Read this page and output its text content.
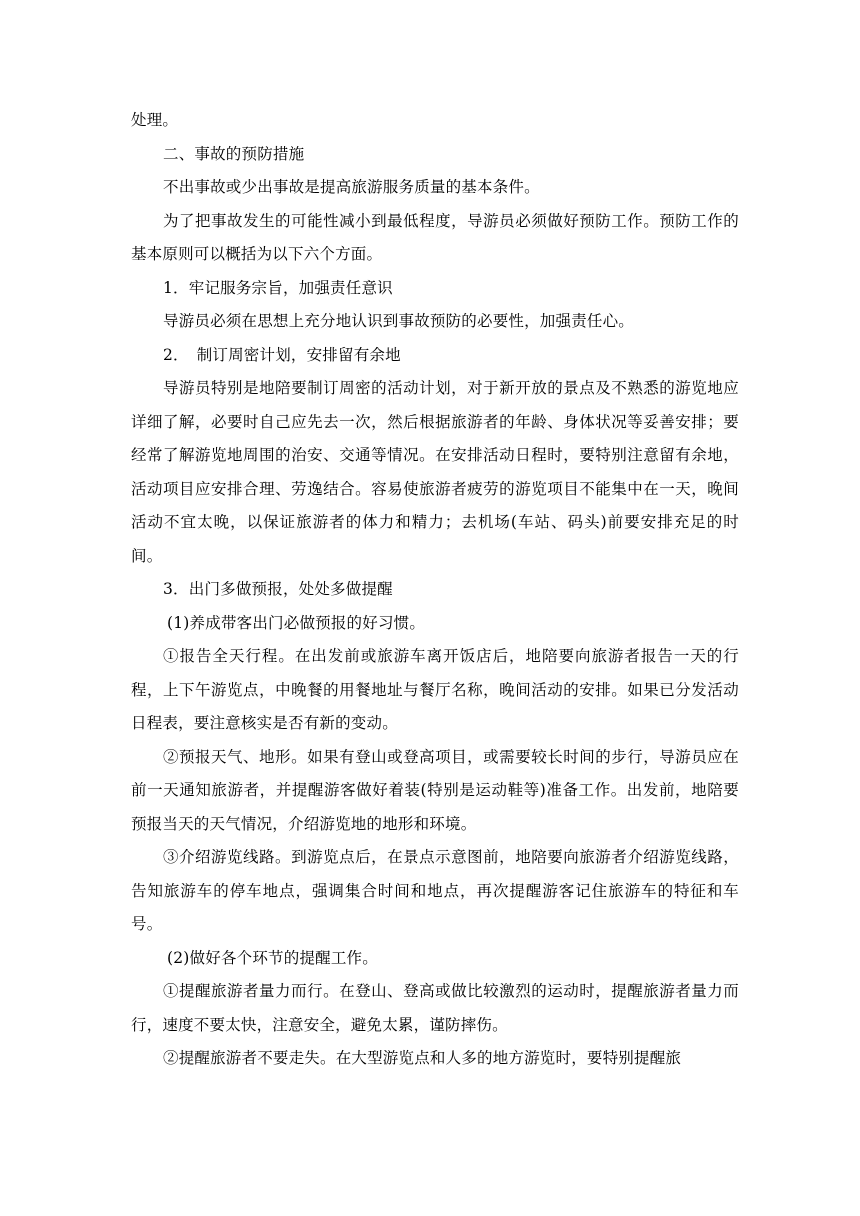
处理。

二、事故的预防措施

不出事故或少出事故是提高旅游服务质量的基本条件。

为了把事故发生的可能性减小到最低程度，导游员必须做好预防工作。预防工作的基本原则可以概括为以下六个方面。

1．牢记服务宗旨，加强责任意识

导游员必须在思想上充分地认识到事故预防的必要性，加强责任心。

2．　制订周密计划，安排留有余地

导游员特别是地陪要制订周密的活动计划，对于新开放的景点及不熟悉的游览地应详细了解，必要时自己应先去一次，然后根据旅游者的年龄、身体状况等妥善安排；要经常了解游览地周围的治安、交通等情况。在安排活动日程时，要特别注意留有余地，活动项目应安排合理、劳逸结合。容易使旅游者疲劳的游览项目不能集中在一天，晚间活动不宜太晚，以保证旅游者的体力和精力；去机场(车站、码头)前要安排充足的时间。

3．出门多做预报，处处多做提醒

(1)养成带客出门必做预报的好习惯。

①报告全天行程。在出发前或旅游车离开饭店后，地陪要向旅游者报告一天的行程，上下午游览点，中晚餐的用餐地址与餐厅名称，晚间活动的安排。如果已分发活动日程表，要注意核实是否有新的变动。

②预报天气、地形。如果有登山或登高项目，或需要较长时间的步行，导游员应在前一天通知旅游者，并提醒游客做好着装(特别是运动鞋等)准备工作。出发前，地陪要预报当天的天气情况，介绍游览地的地形和环境。

③介绍游览线路。到游览点后，在景点示意图前，地陪要向旅游者介绍游览线路，告知旅游车的停车地点，强调集合时间和地点，再次提醒游客记住旅游车的特征和车号。

(2)做好各个环节的提醒工作。

①提醒旅游者量力而行。在登山、登高或做比较激烈的运动时，提醒旅游者量力而行，速度不要太快，注意安全，避免太累，谨防摔伤。

②提醒旅游者不要走失。在大型游览点和人多的地方游览时，要特别提醒旅
